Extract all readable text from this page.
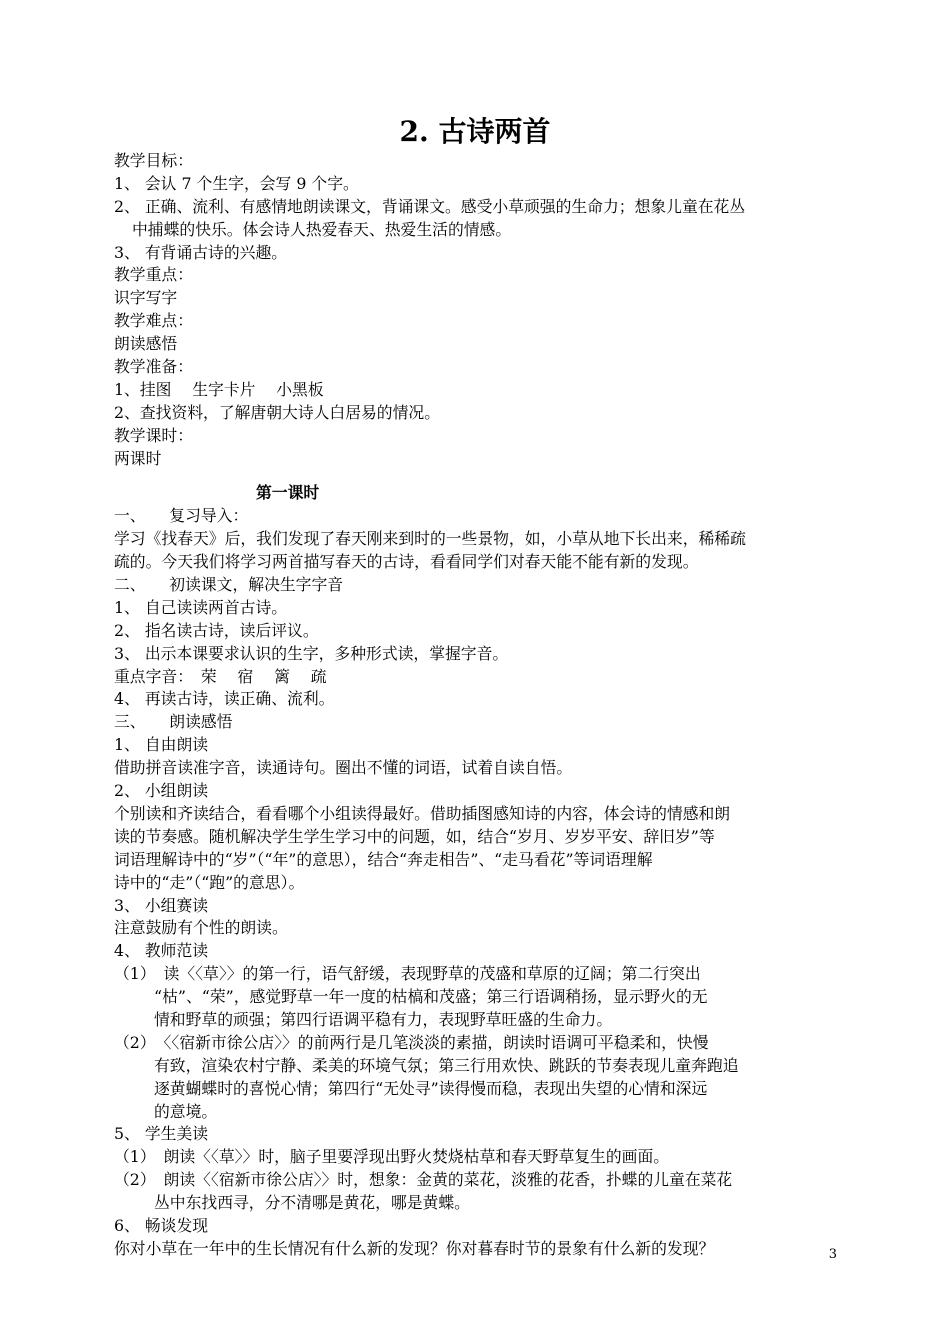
2. 古诗两首
教学目标：
1、 会认 7 个生字，会写 9 个字。
2、 正确、流利、有感情地朗读课文，背诵课文。感受小草顽强的生命力；想象儿童在花丛
中捕蝶的快乐。体会诗人热爱春天、热爱生活的情感。
3、 有背诵古诗的兴趣。
教学重点：
识字写字
教学难点：
朗读感悟
教学准备：
1、挂图　 生字卡片　 小黑板
2、查找资料，了解唐朝大诗人白居易的情况。
教学课时：
两课时
第一课时
一、　　复习导入：
学习《找春天》后，我们发现了春天刚来到时的一些景物，如，小草从地下长出来，稀稀疏
疏的。今天我们将学习两首描写春天的古诗，看看同学们对春天能不能有新的发现。
二、　　初读课文，解决生字字音
1、 自己读读两首古诗。
2、 指名读古诗，读后评议。
3、 出示本课要求认识的生字，多种形式读，掌握字音。
重点字音：　荣　 宿　 篱　 疏
4、 再读古诗，读正确、流利。
三、　　朗读感悟
1、 自由朗读
借助拼音读准字音，读通诗句。圈出不懂的词语，试着自读自悟。
2、 小组朗读
个别读和齐读结合，看看哪个小组读得最好。借助插图感知诗的内容，体会诗的情感和朗
读的节奏感。随机解决学生学生学习中的问题，如，结合“岁月、岁岁平安、辞旧岁”等
词语理解诗中的“岁”（“年”的意思），结合“奔走相告”、“走马看花”等词语理解
诗中的“走”（“跑”的意思）。
3、 小组赛读
注意鼓励有个性的朗读。
4、 教师范读
（1）　读〈〈草〉〉的第一行，语气舒缓，表现野草的茂盛和草原的辽阔；第二行突出
“枯”、“荣”，感觉野草一年一度的枯槁和茂盛；第三行语调稍扬，显示野火的无
情和野草的顽强；第四行语调平稳有力，表现野草旺盛的生命力。
（2）　〈〈宿新市徐公店〉〉的前两行是几笔淡淡的素描，朗读时语调可平稳柔和，快慢
有致，渲染农村宁静、柔美的环境气氛；第三行用欢快、跳跃的节奏表现儿童奔跑追
逐黄蝴蝶时的喜悦心情；第四行“无处寻”读得慢而稳，表现出失望的心情和深远
的意境。
5、 学生美读
（1）　朗读〈〈草〉〉时，脑子里要浮现出野火焚烧枯草和春天野草复生的画面。
（2）　朗读〈〈宿新市徐公店〉〉时，想象：金黄的菜花，淡雅的花香，扑蝶的儿童在菜花
丛中东找西寻，分不清哪是黄花，哪是黄蝶。
6、 畅谈发现
你对小草在一年中的生长情况有什么新的发现？你对暮春时节的景象有什么新的发现？	3
